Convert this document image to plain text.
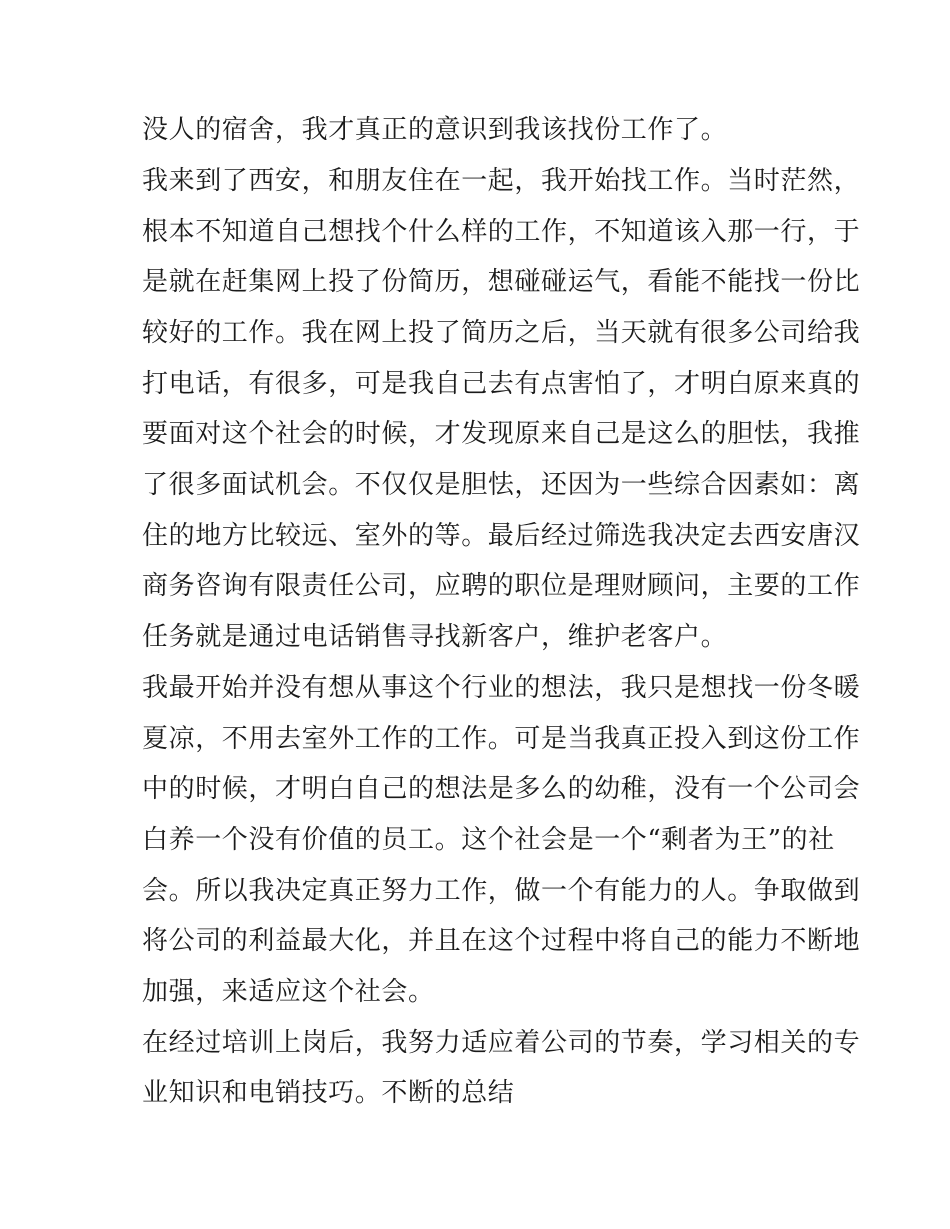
没人的宿舍，我才真正的意识到我该找份工作了。
我来到了西安，和朋友住在一起，我开始找工作。当时茫然，
根本不知道自己想找个什么样的工作，不知道该入那一行，于
是就在赶集网上投了份简历，想碰碰运气，看能不能找一份比
较好的工作。我在网上投了简历之后，当天就有很多公司给我
打电话，有很多，可是我自己去有点害怕了，才明白原来真的
要面对这个社会的时候，才发现原来自己是这么的胆怯，我推
了很多面试机会。不仅仅是胆怯，还因为一些综合因素如：离
住的地方比较远、室外的等。最后经过筛选我决定去西安唐汉
商务咨询有限责任公司，应聘的职位是理财顾问，主要的工作
任务就是通过电话销售寻找新客户，维护老客户。
我最开始并没有想从事这个行业的想法，我只是想找一份冬暖
夏凉，不用去室外工作的工作。可是当我真正投入到这份工作
中的时候，才明白自己的想法是多么的幼稚，没有一个公司会
白养一个没有价值的员工。这个社会是一个“剩者为王”的社
会。所以我决定真正努力工作，做一个有能力的人。争取做到
将公司的利益最大化，并且在这个过程中将自己的能力不断地
加强，来适应这个社会。
在经过培训上岗后，我努力适应着公司的节奏，学习相关的专
业知识和电销技巧。不断的总结
